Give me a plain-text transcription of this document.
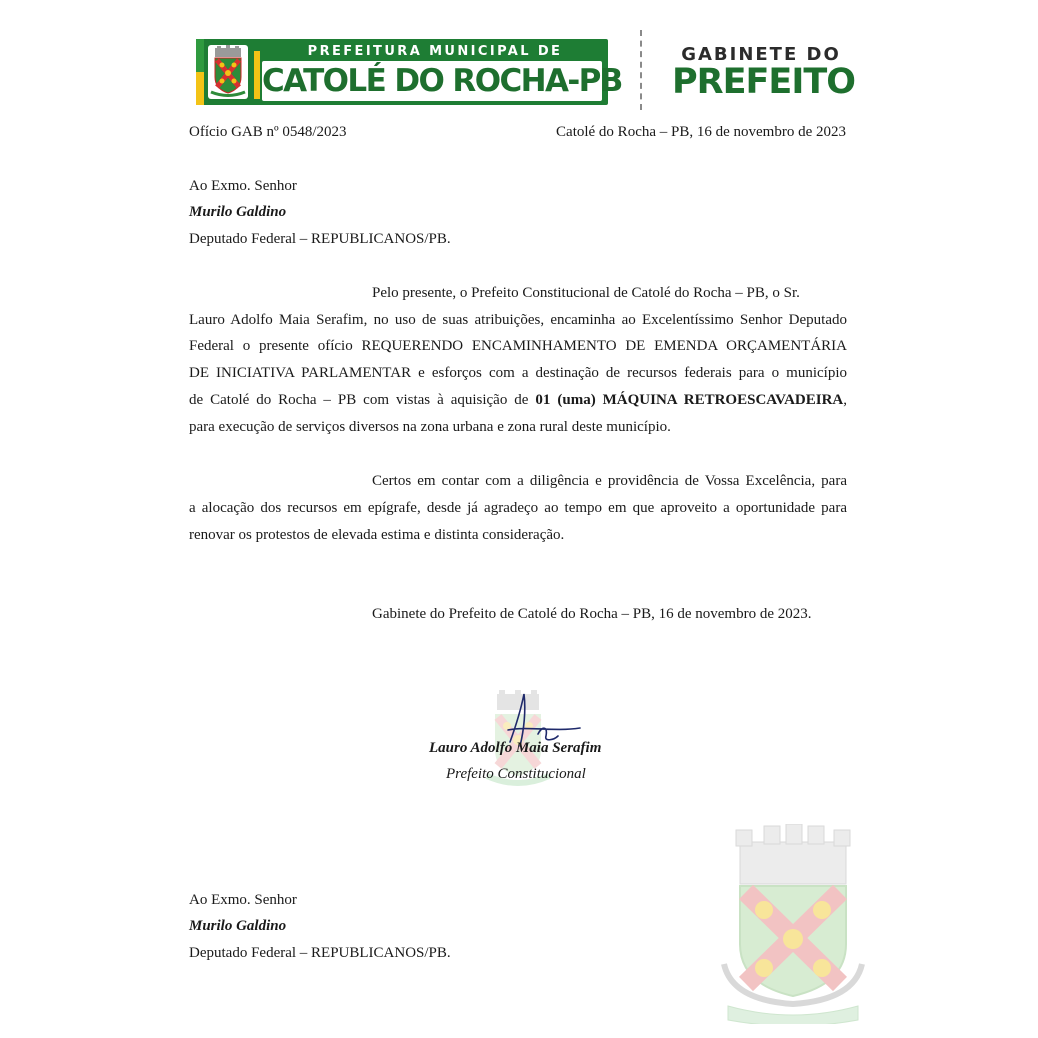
PREFEITURA MUNICIPAL DE
CATOLÉ DO ROCHA-PB
GABINETE DO
PREFEITO
Ofício GAB nº 0548/2023	Catolé do Rocha – PB, 16 de novembro de 2023
Ao Exmo. Senhor
Murilo Galdino
Deputado Federal – REPUBLICANOS/PB.
Pelo presente, o Prefeito Constitucional de Catolé do Rocha – PB, o Sr.
Lauro Adolfo Maia Serafim, no uso de suas atribuições, encaminha ao Excelentíssimo Senhor Deputado
Federal o presente ofício REQUERENDO ENCAMINHAMENTO DE EMENDA ORÇAMENTÁRIA
DE INICIATIVA PARLAMENTAR e esforços com a destinação de recursos federais para o município
de Catolé do Rocha – PB com vistas à aquisição de 01 (uma) MÁQUINA RETROESCAVADEIRA,
para execução de serviços diversos na zona urbana e zona rural deste município.
Certos em contar com a diligência e providência de Vossa Excelência, para
a alocação dos recursos em epígrafe, desde já agradeço ao tempo em que aproveito a oportunidade para
renovar os protestos de elevada estima e distinta consideração.
Gabinete do Prefeito de Catolé do Rocha – PB, 16 de novembro de 2023.
Lauro Adolfo Maia Serafim
Prefeito Constitucional
Ao Exmo. Senhor
Murilo Galdino
Deputado Federal – REPUBLICANOS/PB.
